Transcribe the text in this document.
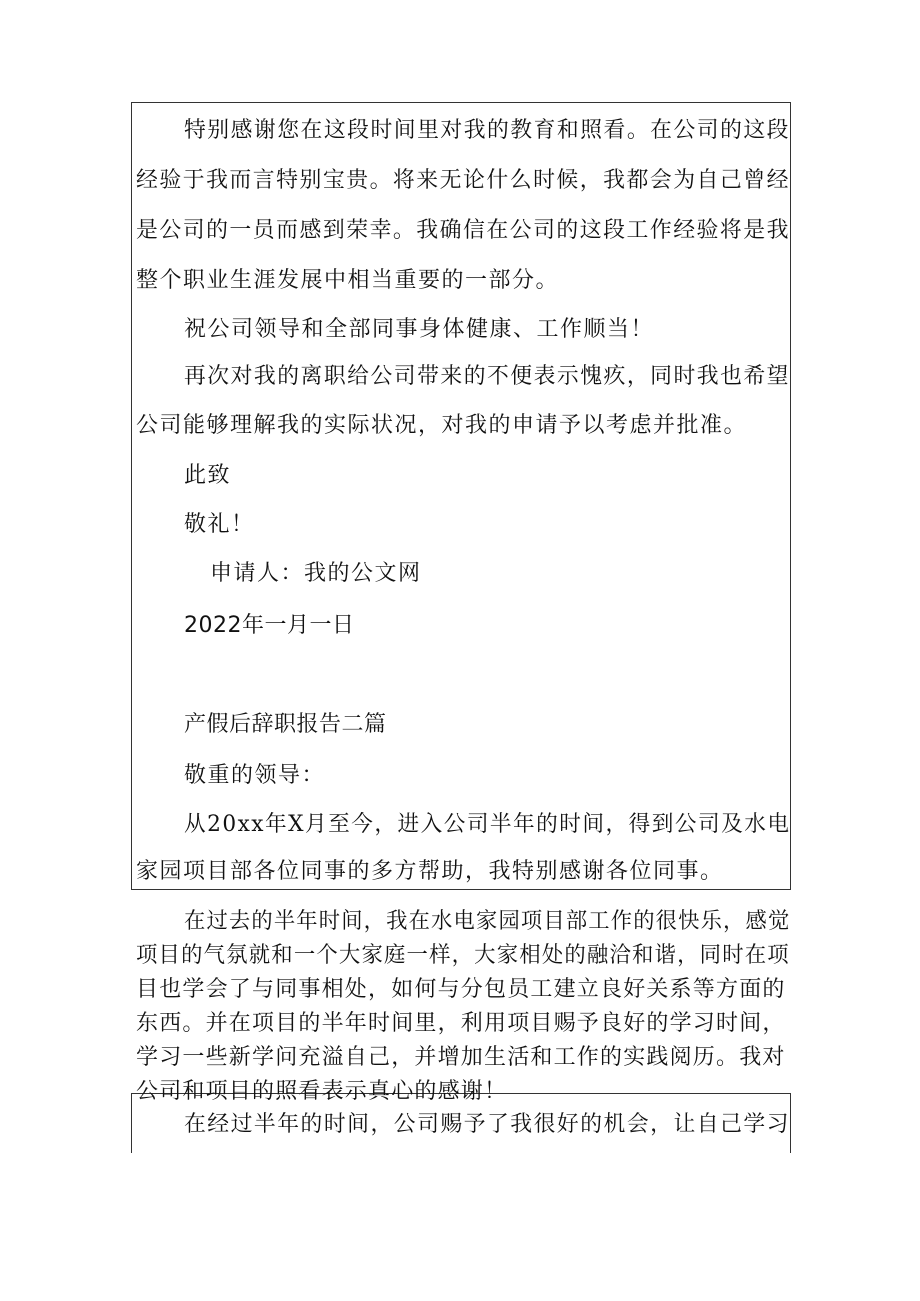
特别感谢您在这段时间里对我的教育和照看。在公司的这段
经验于我而言特别宝贵。将来无论什么时候，我都会为自己曾经
是公司的一员而感到荣幸。我确信在公司的这段工作经验将是我
整个职业生涯发展中相当重要的一部分。
祝公司领导和全部同事身体健康、工作顺当！
再次对我的离职给公司带来的不便表示愧疚，同时我也希望
公司能够理解我的实际状况，对我的申请予以考虑并批准。
此致
敬礼！
申请人：我的公文网
2022年一月一日
产假后辞职报告二篇
敬重的领导：
从20xx年X月至今，进入公司半年的时间，得到公司及水电
家园项目部各位同事的多方帮助，我特别感谢各位同事。
在过去的半年时间，我在水电家园项目部工作的很快乐，感觉
项目的气氛就和一个大家庭一样，大家相处的融洽和谐，同时在项
目也学会了与同事相处，如何与分包员工建立良好关系等方面的
东西。并在项目的半年时间里，利用项目赐予良好的学习时间，
学习一些新学问充溢自己，并增加生活和工作的实践阅历。我对
公司和项目的照看表示真心的感谢！
在经过半年的时间，公司赐予了我很好的机会，让自己学习
